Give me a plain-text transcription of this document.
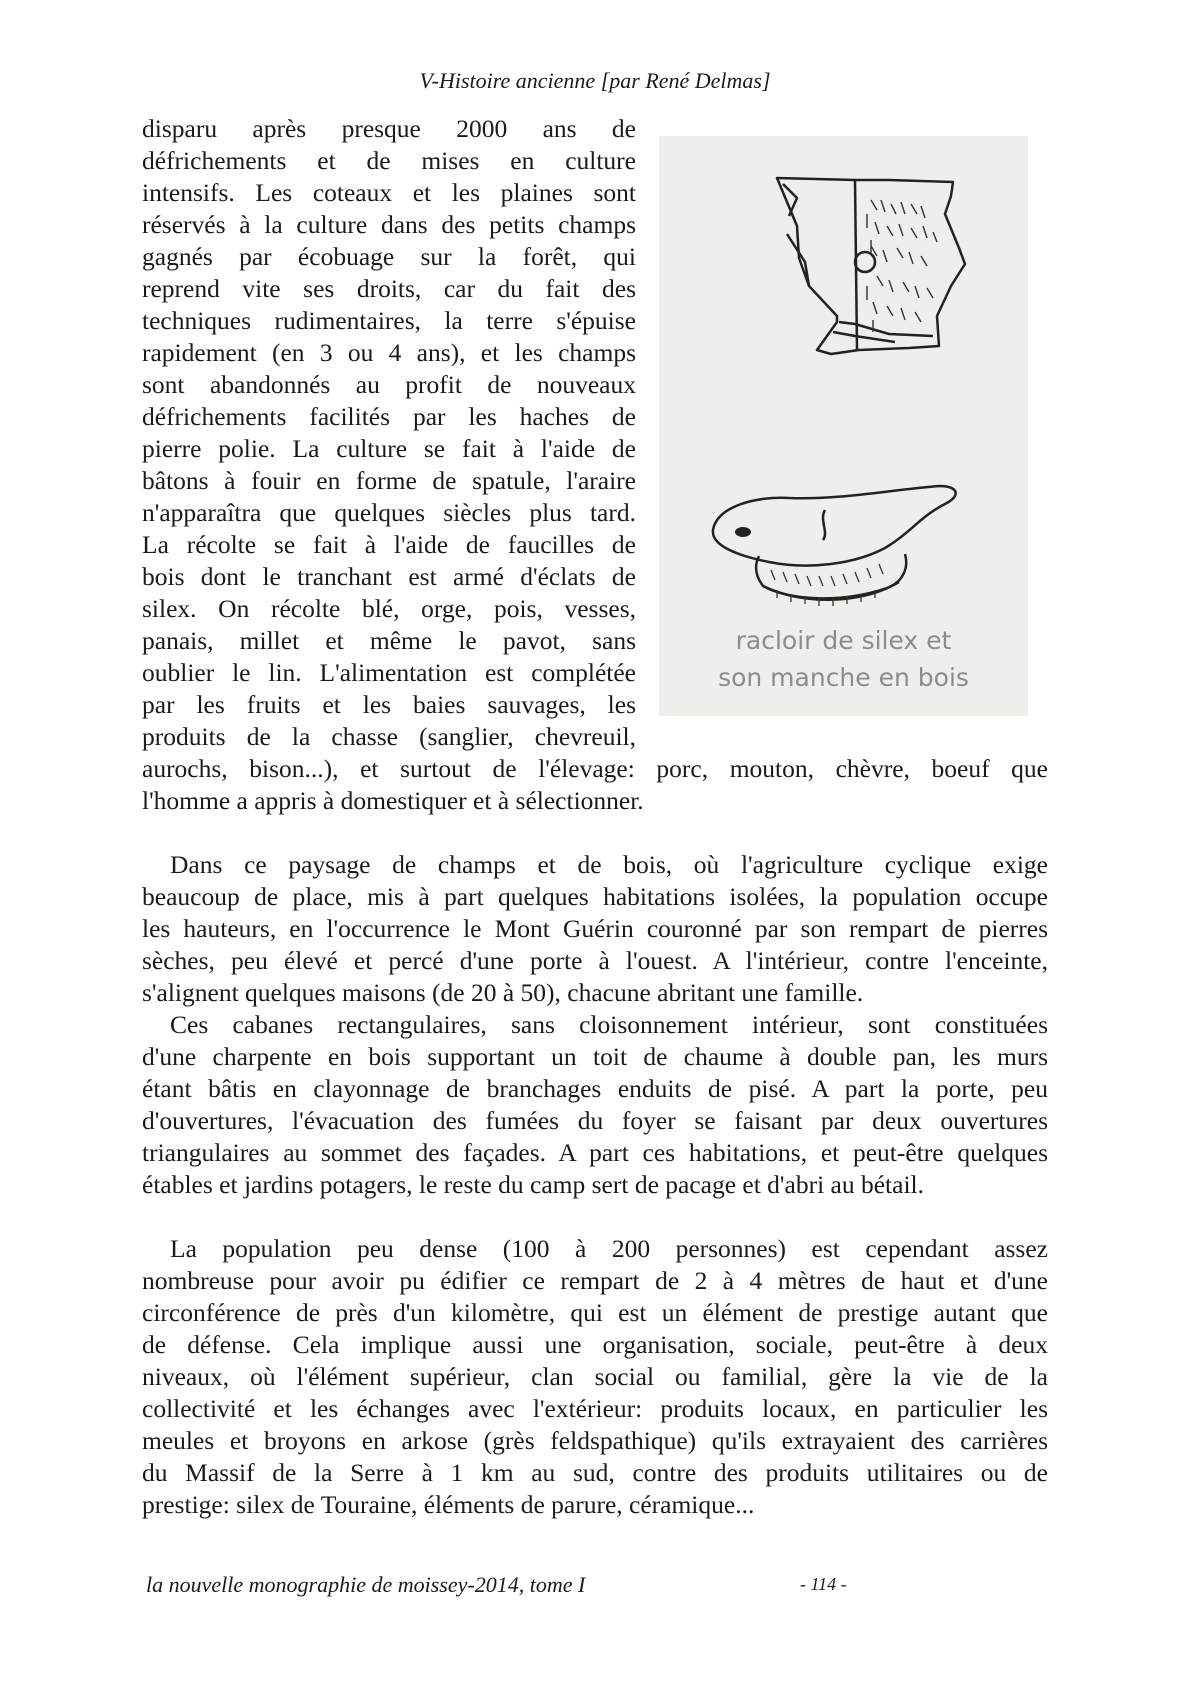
V-Histoire ancienne [par René Delmas]
racloir de silex et
son manche en bois
disparu après presque 2000 ans de
défrichements et de mises en culture
intensifs. Les coteaux et les plaines sont
réservés à la culture dans des petits champs
gagnés par écobuage sur la forêt, qui
reprend vite ses droits, car du fait des
techniques rudimentaires, la terre s'épuise
rapidement (en 3 ou 4 ans), et les champs
sont abandonnés au profit de nouveaux
défrichements facilités par les haches de
pierre polie. La culture se fait à l'aide de
bâtons à fouir en forme de spatule, l'araire
n'apparaîtra que quelques siècles plus tard.
La récolte se fait à l'aide de faucilles de
bois dont le tranchant est armé d'éclats de
silex. On récolte blé, orge, pois, vesses,
panais, millet et même le pavot, sans
oublier le lin. L'alimentation est complétée
par les fruits et les baies sauvages, les
produits de la chasse (sanglier, chevreuil,
aurochs, bison...), et surtout de l'élevage: porc, mouton, chèvre, boeuf que
l'homme a appris à domestiquer et à sélectionner.
Dans ce paysage de champs et de bois, où l'agriculture cyclique exige
beaucoup de place, mis à part quelques habitations isolées, la population occupe
les hauteurs, en l'occurrence le Mont Guérin couronné par son rempart de pierres
sèches, peu élevé et percé d'une porte à l'ouest. A l'intérieur, contre l'enceinte,
s'alignent quelques maisons (de 20 à 50), chacune abritant une famille.
Ces cabanes rectangulaires, sans cloisonnement intérieur, sont constituées
d'une charpente en bois supportant un toit de chaume à double pan, les murs
étant bâtis en clayonnage de branchages enduits de pisé. A part la porte, peu
d'ouvertures, l'évacuation des fumées du foyer se faisant par deux ouvertures
triangulaires au sommet des façades. A part ces habitations, et peut-être quelques
étables et jardins potagers, le reste du camp sert de pacage et d'abri au bétail.
La population peu dense (100 à 200 personnes) est cependant assez
nombreuse pour avoir pu édifier ce rempart de 2 à 4 mètres de haut et d'une
circonférence de près d'un kilomètre, qui est un élément de prestige autant que
de défense. Cela implique aussi une organisation, sociale, peut-être à deux
niveaux, où l'élément supérieur, clan social ou familial, gère la vie de la
collectivité et les échanges avec l'extérieur: produits locaux, en particulier les
meules et broyons en arkose (grès feldspathique) qu'ils extrayaient des carrières
du Massif de la Serre à 1 km au sud, contre des produits utilitaires ou de
prestige: silex de Touraine, éléments de parure, céramique...
la nouvelle monographie de moissey-2014, tome I	- 114 -
